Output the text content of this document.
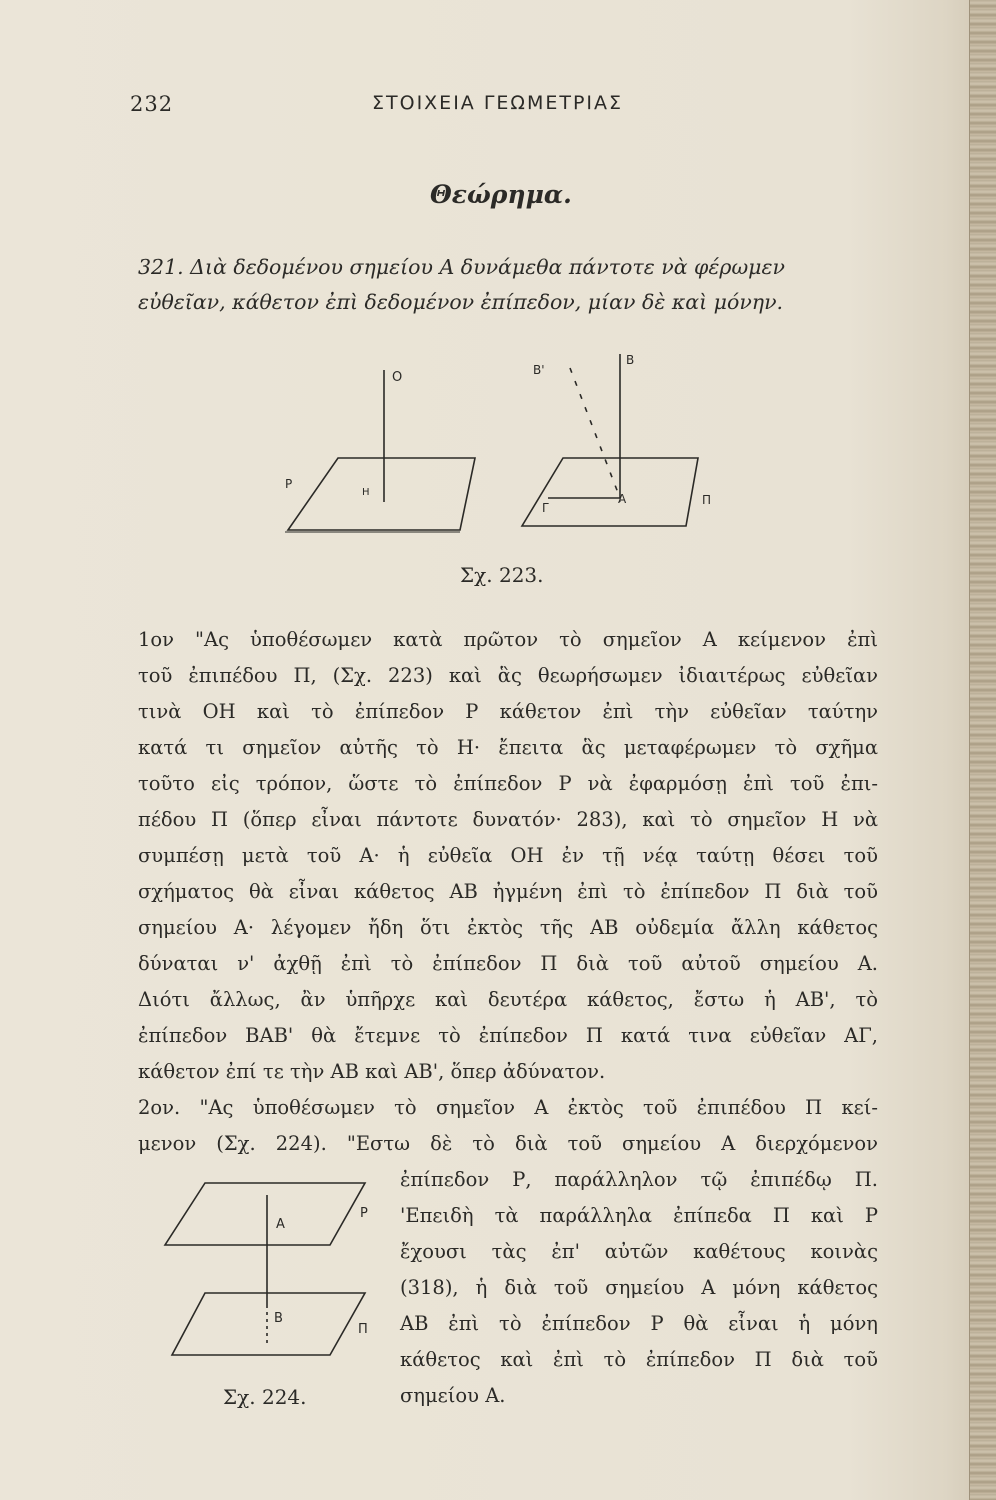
232	ΣΤΟΙΧΕΙΑ ΓΕΩΜΕΤΡΙΑΣ
Θεώρημα.
321. Διὰ δεδομένου σημείου Α δυνάμεθα πάντοτε νὰ φέρωμεν
εὐθεῖαν, κάθετον ἐπὶ δεδομένον ἐπίπεδον, μίαν δὲ καὶ μόνην.
O
H
P
B
B'
A
Γ
Π
Σχ. 223.
1ον "Ας ὑποθέσωμεν κατὰ πρῶτον τὸ σημεῖον Α κείμενον ἐπὶ
τοῦ ἐπιπέδου Π, (Σχ. 223) καὶ ἃς θεωρήσωμεν ἰδιαιτέρως εὐθεῖαν
τινὰ ΟΗ καὶ τὸ ἐπίπεδον Ρ κάθετον ἐπὶ τὴν εὐθεῖαν ταύτην
κατά τι σημεῖον αὐτῆς τὸ Η· ἔπειτα ἃς μεταφέρωμεν τὸ σχῆμα
τοῦτο εἰς τρόπον, ὥστε τὸ ἐπίπεδον Ρ νὰ ἐφαρμόσῃ ἐπὶ τοῦ ἐπι-
πέδου Π (ὅπερ εἶναι πάντοτε δυνατόν· 283), καὶ τὸ σημεῖον Η νὰ
συμπέσῃ μετὰ τοῦ Α· ἡ εὐθεῖα ΟΗ ἐν τῇ νέᾳ ταύτῃ θέσει τοῦ
σχήματος θὰ εἶναι κάθετος ΑΒ ἠγμένη ἐπὶ τὸ ἐπίπεδον Π διὰ τοῦ
σημείου Α· λέγομεν ἤδη ὅτι ἐκτὸς τῆς ΑΒ οὐδεμία ἄλλη κάθετος
δύναται ν' ἀχθῇ ἐπὶ τὸ ἐπίπεδον Π διὰ τοῦ αὐτοῦ σημείου Α.
Διότι ἄλλως, ἂν ὑπῆρχε καὶ δευτέρα κάθετος, ἔστω ἡ ΑΒ', τὸ
ἐπίπεδον ΒΑΒ' θὰ ἔτεμνε τὸ ἐπίπεδον Π κατά τινα εὐθεῖαν ΑΓ,
κάθετον ἐπί τε τὴν ΑΒ καὶ ΑΒ', ὅπερ ἀδύνατον.
2ον. "Ας ὑποθέσωμεν τὸ σημεῖον Α ἐκτὸς τοῦ ἐπιπέδου Π κεί-
μενον (Σχ. 224). "Εστω δὲ τὸ διὰ τοῦ σημείου Α διερχόμενον
ἐπίπεδον Ρ, παράλληλον τῷ ἐπιπέδῳ Π.
'Επειδὴ τὰ παράλληλα ἐπίπεδα Π καὶ Ρ
ἔχουσι τὰς ἐπ' αὐτῶν καθέτους κοινὰς
(318), ἡ διὰ τοῦ σημείου Α μόνη κάθετος
ΑΒ ἐπὶ τὸ ἐπίπεδον Ρ θὰ εἶναι ἡ μόνη
κάθετος καὶ ἐπὶ τὸ ἐπίπεδον Π διὰ τοῦ
σημείου Α.
A
P
B
Π
Σχ. 224.
